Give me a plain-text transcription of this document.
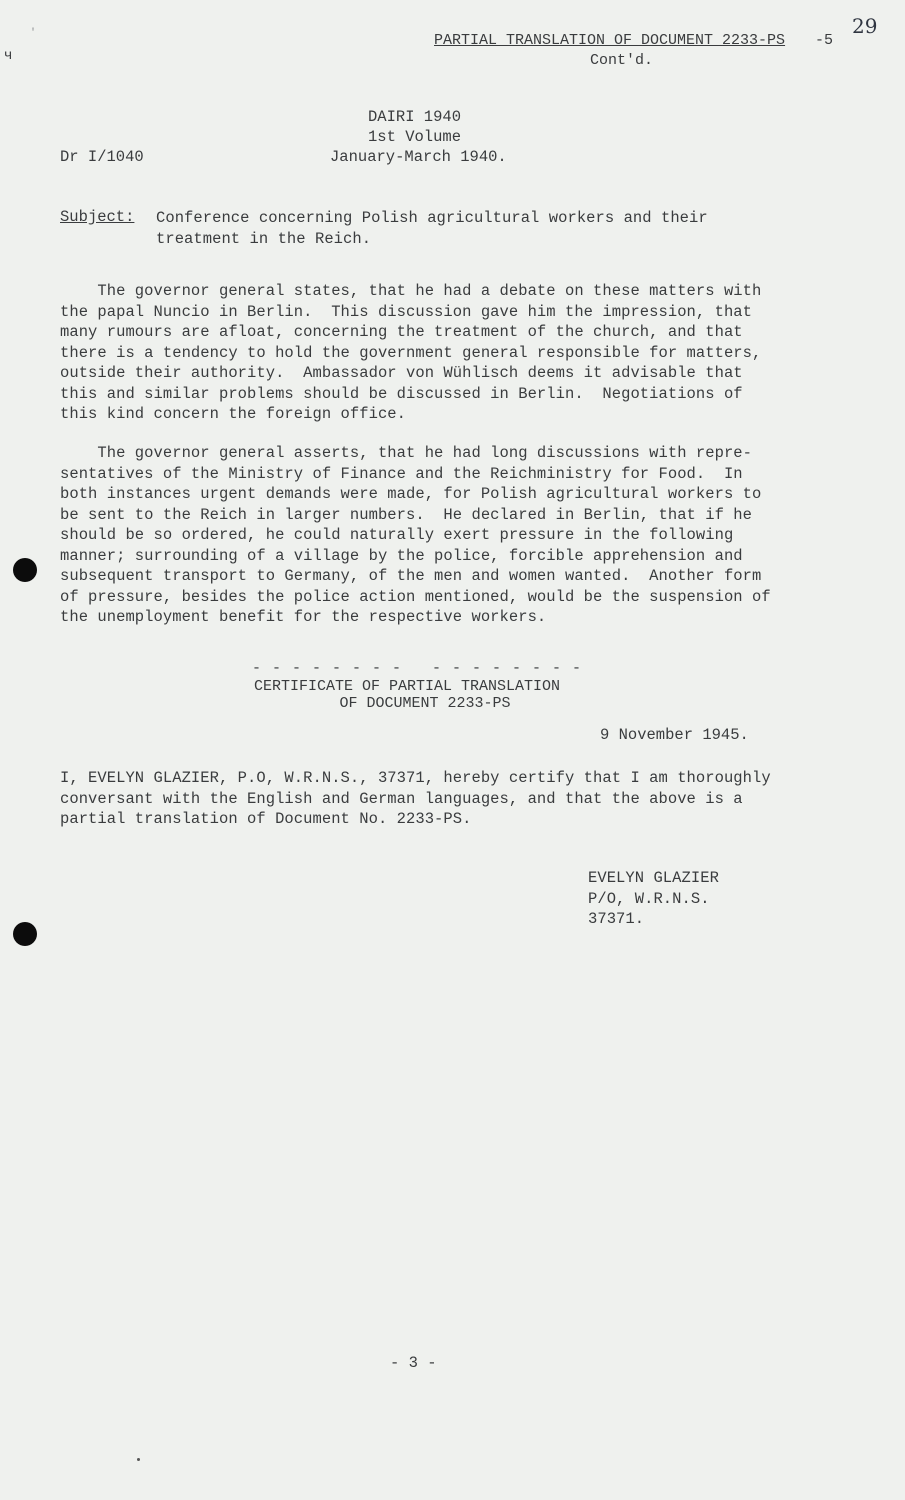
'
ч
PARTIAL TRANSLATION OF DOCUMENT 2233-PS -5
29
Cont'd.
DAIRI 1940
1st Volume
Dr I/1040	January-March 1940.
Subject: Conference concerning Polish agricultural workers and their
treatment in the Reich.
The governor general states, that he had a debate on these matters with
the papal Nuncio in Berlin.  This discussion gave him the impression, that
many rumours are afloat, concerning the treatment of the church, and that
there is a tendency to hold the government general responsible for matters,
outside their authority.  Ambassador von Wühlisch deems it advisable that
this and similar problems should be discussed in Berlin.  Negotiations of
this kind concern the foreign office.
The governor general asserts, that he had long discussions with repre-
sentatives of the Ministry of Finance and the Reichministry for Food.  In
both instances urgent demands were made, for Polish agricultural workers to
be sent to the Reich in larger numbers.  He declared in Berlin, that if he
should be so ordered, he could naturally exert pressure in the following
manner; surrounding of a village by the police, forcible apprehension and
subsequent transport to Germany, of the men and women wanted.  Another form
of pressure, besides the police action mentioned, would be the suspension of
the unemployment benefit for the respective workers.
- - - - - - - -   - - - - - - - -
CERTIFICATE OF PARTIAL TRANSLATION
OF DOCUMENT 2233-PS
9 November 1945.
I, EVELYN GLAZIER, P.O, W.R.N.S., 37371, hereby certify that I am thoroughly
conversant with the English and German languages, and that the above is a
partial translation of Document No. 2233-PS.
EVELYN GLAZIER
P/O, W.R.N.S.
37371.
- 3 -
